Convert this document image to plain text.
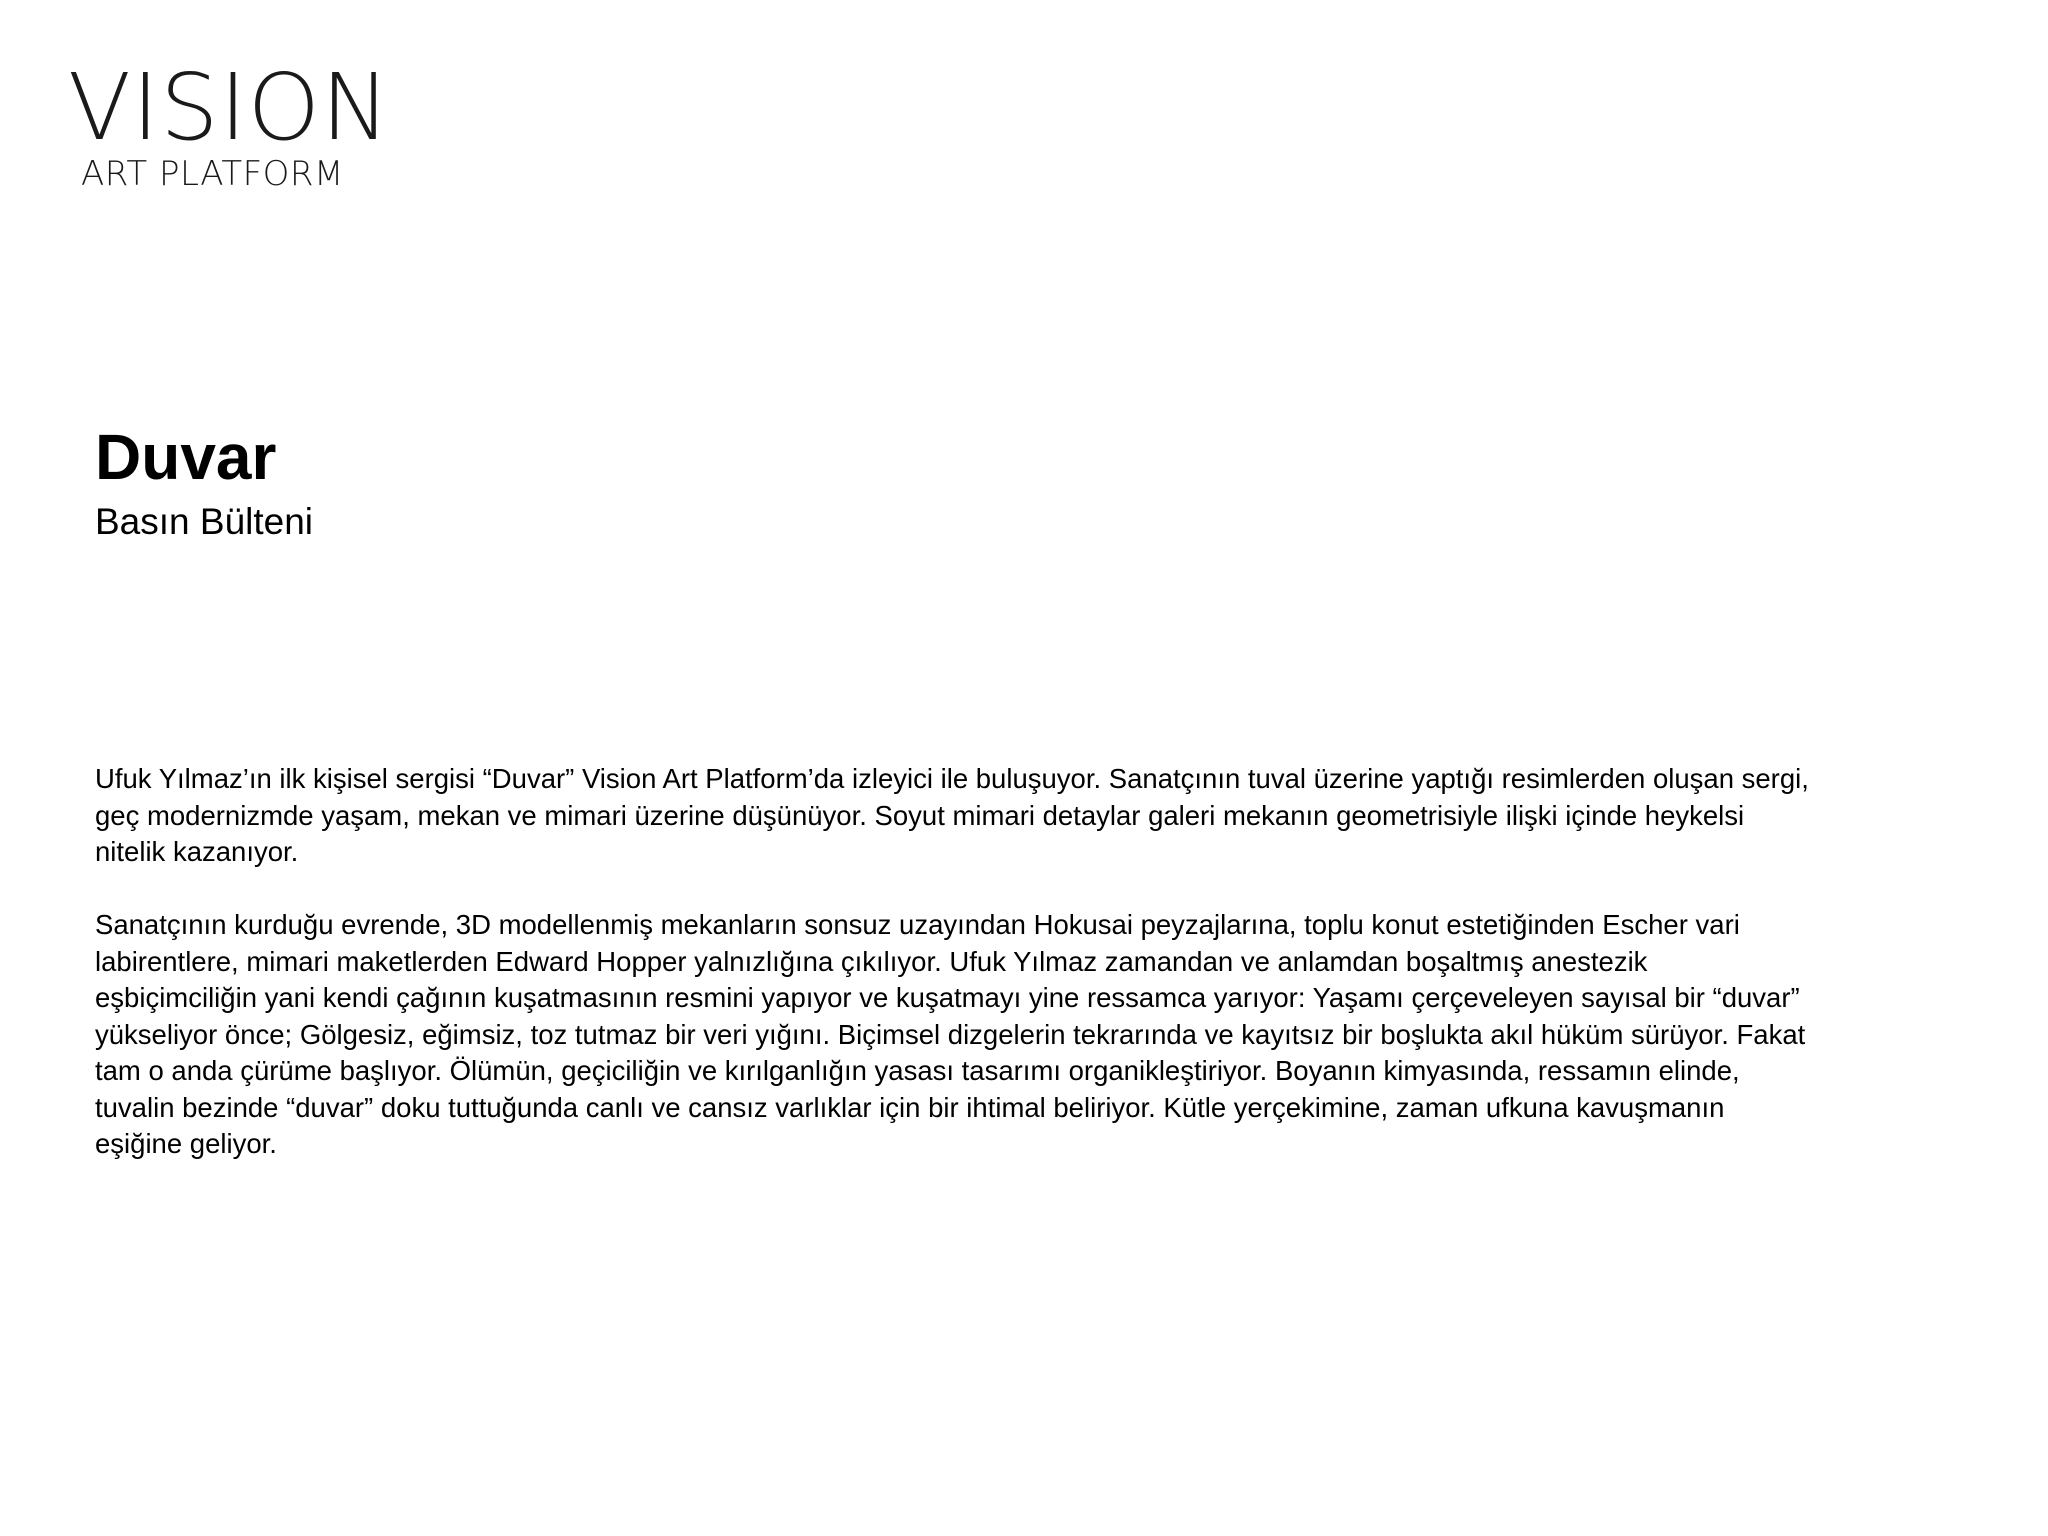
VISION
ART PLATFORM
Duvar
Basın Bülteni

Ufuk Yılmaz’ın ilk kişisel sergisi “Duvar” Vision Art Platform’da izleyici ile buluşuyor. Sanatçının tuval üzerine yaptığı resimlerden oluşan sergi, geç modernizmde yaşam, mekan ve mimari üzerine düşünüyor. Soyut mimari detaylar galeri mekanın geometrisiyle ilişki içinde heykelsi nitelik kazanıyor.

Sanatçının kurduğu evrende, 3D modellenmiş mekanların sonsuz uzayından Hokusai peyzajlarına, toplu konut estetiğinden Escher vari labirentlere, mimari maketlerden Edward Hopper yalnızlığına çıkılıyor. Ufuk Yılmaz zamandan ve anlamdan boşaltmış anestezik eşbiçimciliğin yani kendi çağının kuşatmasının resmini yapıyor ve kuşatmayı yine ressamca yarıyor: Yaşamı çerçeveleyen sayısal bir “duvar” yükseliyor önce; Gölgesiz, eğimsiz, toz tutmaz bir veri yığını. Biçimsel dizgelerin tekrarında ve kayıtsız bir boşlukta akıl hüküm sürüyor. Fakat tam o anda çürüme başlıyor. Ölümün, geçiciliğin ve kırılganlığın yasası tasarımı organikleştiriyor. Boyanın kimyasında, ressamın elinde, tuvalin bezinde “duvar” doku tuttuğunda canlı ve cansız varlıklar için bir ihtimal beliriyor. Kütle yerçekimine, zaman ufkuna kavuşmanın eşiğine geliyor.
